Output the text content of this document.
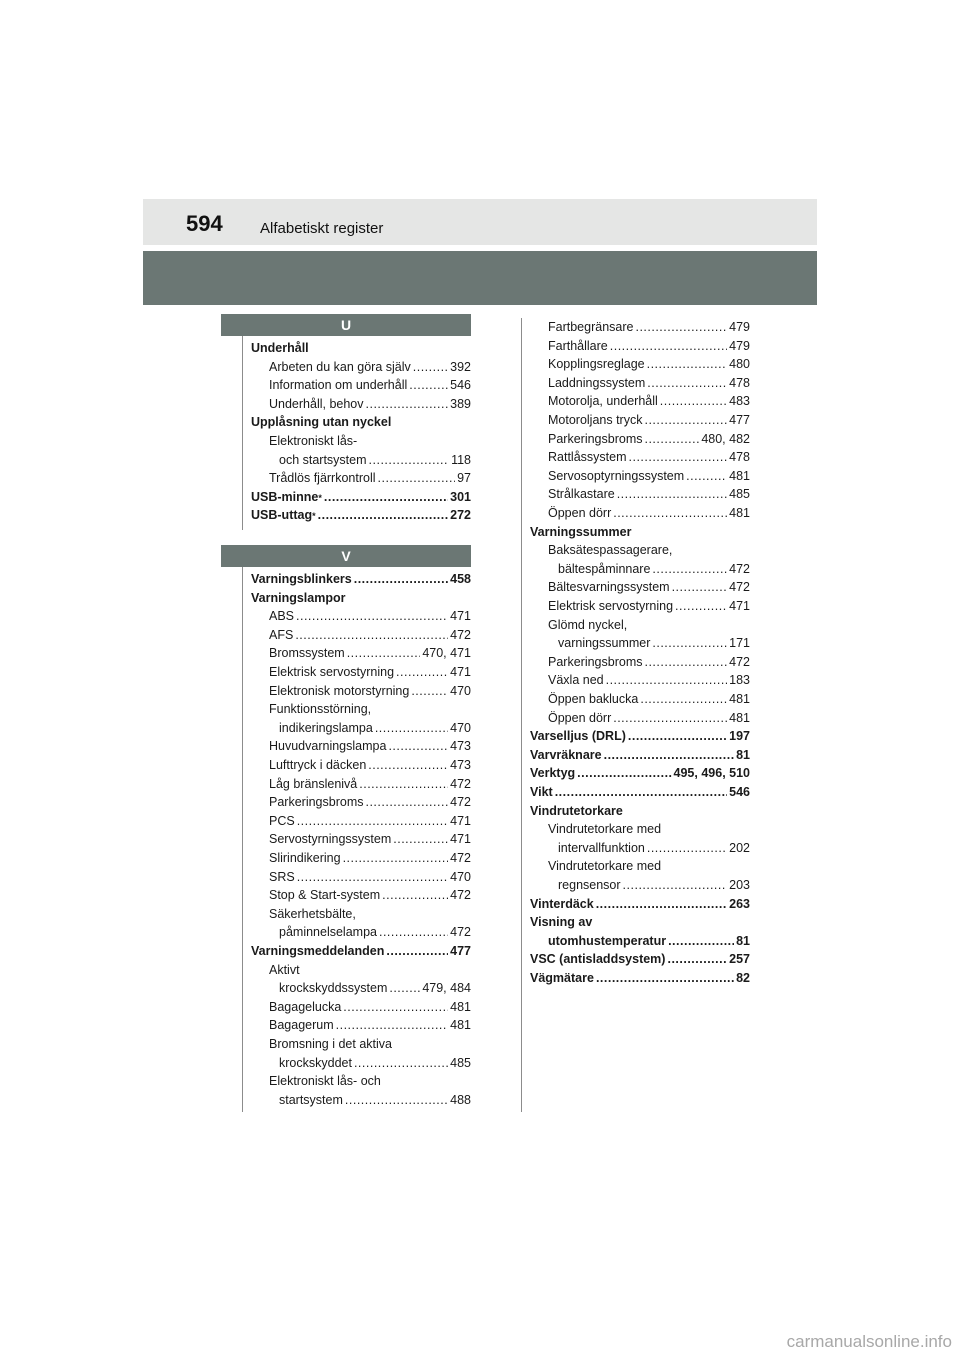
594 Alfabetiskt register
U
V
Underhåll
Arbeten du kan göra själv .....	392
Information om underhåll .....	546
Underhåll, behov .....	389
Upplåsning utan nyckel
Elektroniskt lås-
och startsystem .....	118
Trådlös fjärrkontroll .....	97
USB-minne * .....	301
USB-uttag * .....	272
Varningsblinkers .....	458
Varningslampor
ABS .....	471
AFS .....	472
Bromssystem .....	470, 471
Elektrisk servostyrning .....	471
Elektronisk motorstyrning .....	470
Funktionsstörning,
indikeringslampa .....	470
Huvudvarningslampa .....	473
Lufttryck i däcken .....	473
Låg bränslenivå .....	472
Parkeringsbroms .....	472
PCS .....	471
Servostyrningssystem .....	471
Slirindikering .....	472
SRS .....	470
Stop & Start-system .....	472
Säkerhetsbälte,
påminnelselampa .....	472
Varningsmeddelanden .....	477
Aktivt
krockskyddssystem .....	479, 484
Bagagelucka .....	481
Bagagerum .....	481
Bromsning i det aktiva
krockskyddet .....	485
Elektroniskt lås- och
startsystem .....	488
Fartbegränsare .....	479
Farthållare .....	479
Kopplingsreglage .....	480
Laddningssystem .....	478
Motorolja, underhåll .....	483
Motoroljans tryck .....	477
Parkeringsbroms .....	480, 482
Rattlåssystem .....	478
Servosoptyrningssystem .....	481
Strålkastare .....	485
Öppen dörr .....	481
Varningssummer
Baksätespassagerare,
bältespåminnare .....	472
Bältesvarningssystem .....	472
Elektrisk servostyrning .....	471
Glömd nyckel,
varningssummer .....	171
Parkeringsbroms .....	472
Växla ned .....	183
Öppen baklucka .....	481
Öppen dörr .....	481
Varselljus (DRL) .....	197
Varvräknare .....	81
Verktyg .....	495, 496, 510
Vikt .....	546
Vindrutetorkare
Vindrutetorkare med
intervallfunktion .....	202
Vindrutetorkare med
regnsensor .....	203
Vinterdäck .....	263
Visning av
utomhustemperatur .....	81
VSC (antisladdsystem) .....	257
Vägmätare .....	82
carmanualsonline.info
